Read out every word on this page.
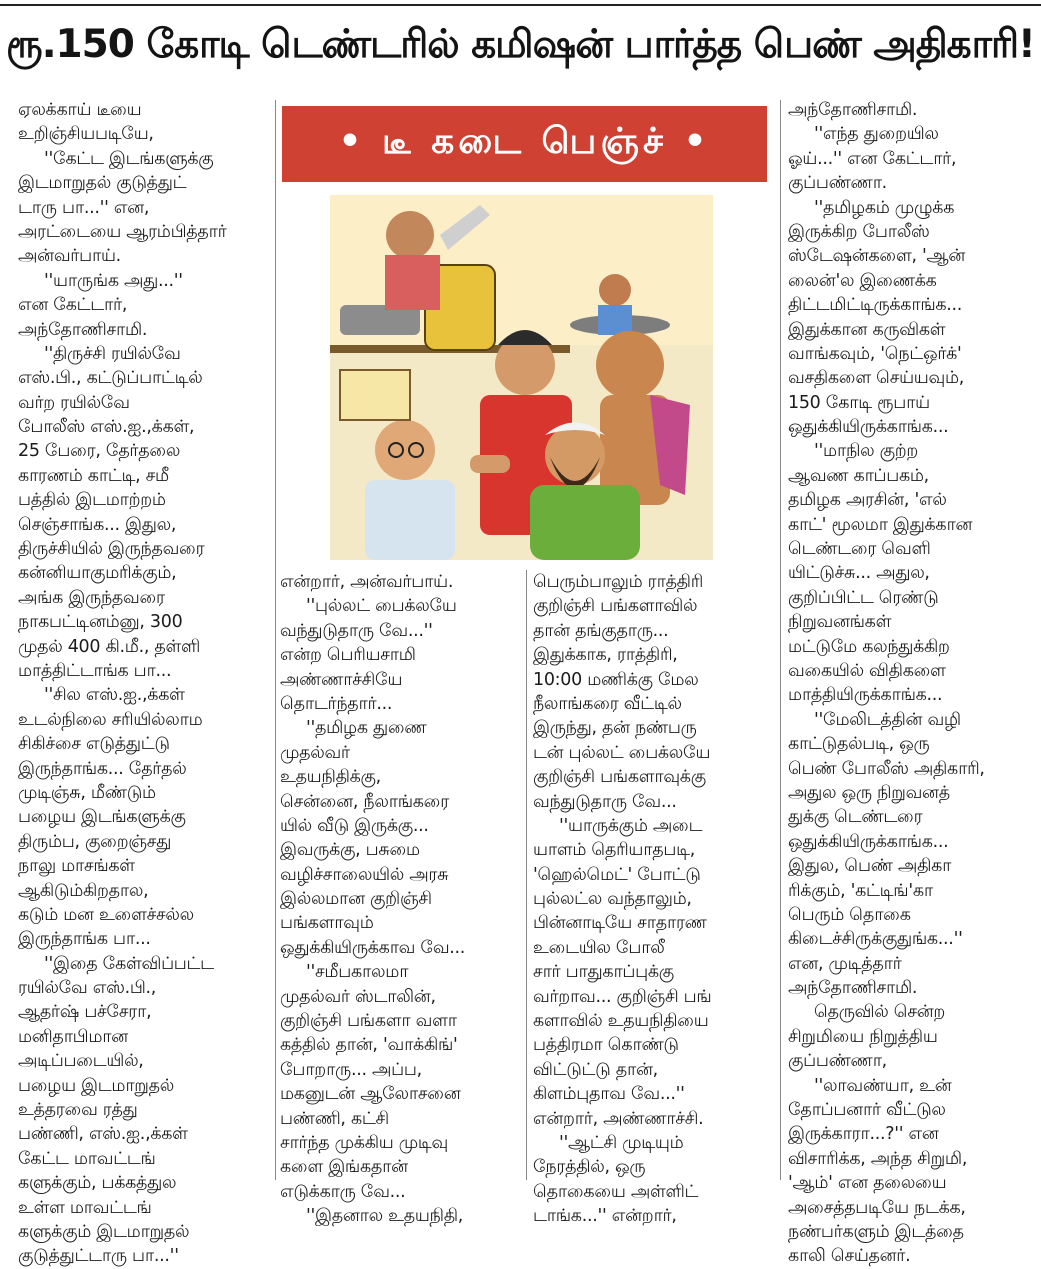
ரூ.150 கோடி டெண்டரில் கமிஷன் பார்த்த பெண் அதிகாரி!
ஏலக்காய் டீயை
உறிஞ்சியபடியே,
''கேட்ட இடங்களுக்கு
இடமாறுதல் குடுத்துட்
டாரு பா...'' என,
அரட்டையை ஆரம்பித்தார்
அன்வர்பாய்.
''யாருங்க அது...''
என கேட்டார்,
அந்தோணிசாமி.
''திருச்சி ரயில்வே
எஸ்.பி., கட்டுப்பாட்டில்
வர்ற ரயில்வே
போலீஸ் எஸ்.ஐ.,க்கள்,
25 பேரை, தேர்தலை
காரணம் காட்டி, சமீ
பத்தில் இடமாற்றம்
செஞ்சாங்க... இதுல,
திருச்சியில் இருந்தவரை
கன்னியாகுமரிக்கும்,
அங்க இருந்தவரை
நாகபட்டினம்னு, 300
முதல் 400 கி.மீ., தள்ளி
மாத்திட்டாங்க பா...
''சில எஸ்.ஐ.,க்கள்
உடல்நிலை சரியில்லாம
சிகிச்சை எடுத்துட்டு
இருந்தாங்க... தேர்தல்
முடிஞ்சு, மீண்டும்
பழைய இடங்களுக்கு
திரும்ப, குறைஞ்சது
நாலு மாசங்கள்
ஆகிடும்கிறதால,
கடும் மன உளைச்சல்ல
இருந்தாங்க பா...
''இதை கேள்விப்பட்ட
ரயில்வே எஸ்.பி.,
ஆதர்ஷ் பச்சேரா,
மனிதாபிமான
அடிப்படையில்,
பழைய இடமாறுதல்
உத்தரவை ரத்து
பண்ணி, எஸ்.ஐ.,க்கள்
கேட்ட மாவட்டங்
களுக்கும், பக்கத்துல
உள்ள மாவட்டங்
களுக்கும் இடமாறுதல்
குடுத்துட்டாரு பா...''
• டீ கடை பெஞ்ச் •
என்றார், அன்வர்பாய்.
''புல்லட் பைக்லயே
வந்துடுதாரு வே...''
என்ற பெரியசாமி
அண்ணாச்சியே
தொடர்ந்தார்...
''தமிழக துணை
முதல்வர்
உதயநிதிக்கு,
சென்னை, நீலாங்கரை
யில் வீடு இருக்கு...
இவருக்கு, பசுமை
வழிச்சாலையில் அரசு
இல்லமான குறிஞ்சி
பங்களாவும்
ஒதுக்கியிருக்காவ வே...
''சமீபகாலமா
முதல்வர் ஸ்டாலின்,
குறிஞ்சி பங்களா வளா
கத்தில் தான், 'வாக்கிங்'
போறாரு... அப்ப,
மகனுடன் ஆலோசனை
பண்ணி, கட்சி
சார்ந்த முக்கிய முடிவு
களை இங்கதான்
எடுக்காரு வே...
''இதனால உதயநிதி,
பெரும்பாலும் ராத்திரி
குறிஞ்சி பங்களாவில்
தான் தங்குதாரு...
இதுக்காக, ராத்திரி,
10:00 மணிக்கு மேல
நீலாங்கரை வீட்டில்
இருந்து, தன் நண்பரு
டன் புல்லட் பைக்லயே
குறிஞ்சி பங்களாவுக்கு
வந்துடுதாரு வே...
''யாருக்கும் அடை
யாளம் தெரியாதபடி,
'ஹெல்மெட்' போட்டு
புல்லட்ல வந்தாலும்,
பின்னாடியே சாதாரண
உடையில போலீ
சார் பாதுகாப்புக்கு
வர்றாவ... குறிஞ்சி பங்
களாவில் உதயநிதியை
பத்திரமா கொண்டு
விட்டுட்டு தான்,
கிளம்புதாவ வே...''
என்றார், அண்ணாச்சி.
''ஆட்சி முடியும்
நேரத்தில், ஒரு
தொகையை அள்ளிட்
டாங்க...'' என்றார்,
அந்தோணிசாமி.
''எந்த துறையில
ஓய்...'' என கேட்டார்,
குப்பண்ணா.
''தமிழகம் முழுக்க
இருக்கிற போலீஸ்
ஸ்டேஷன்களை, 'ஆன்
லைன்'ல இணைக்க
திட்டமிட்டிருக்காங்க...
இதுக்கான கருவிகள்
வாங்கவும், 'நெட்ஒர்க்'
வசதிகளை செய்யவும்,
150 கோடி ரூபாய்
ஒதுக்கியிருக்காங்க...
''மாநில குற்ற
ஆவண காப்பகம்,
தமிழக அரசின், 'எல்
காட்' மூலமா இதுக்கான
டெண்டரை வெளி
யிட்டுச்சு... அதுல,
குறிப்பிட்ட ரெண்டு
நிறுவனங்கள்
மட்டுமே கலந்துக்கிற
வகையில் விதிகளை
மாத்தியிருக்காங்க...
''மேலிடத்தின் வழி
காட்டுதல்படி, ஒரு
பெண் போலீஸ் அதிகாரி,
அதுல ஒரு நிறுவனத்
துக்கு டெண்டரை
ஒதுக்கியிருக்காங்க...
இதுல, பெண் அதிகா
ரிக்கும், 'கட்டிங்'கா
பெரும் தொகை
கிடைச்சிருக்குதுங்க...''
என, முடித்தார்
அந்தோணிசாமி.
தெருவில் சென்ற
சிறுமியை நிறுத்திய
குப்பண்ணா,
''லாவண்யா, உன்
தோப்பனார் வீட்டுல
இருக்காரா...?'' என
விசாரிக்க, அந்த சிறுமி,
'ஆம்' என தலையை
அசைத்தபடியே நடக்க,
நண்பர்களும் இடத்தை
காலி செய்தனர்.
